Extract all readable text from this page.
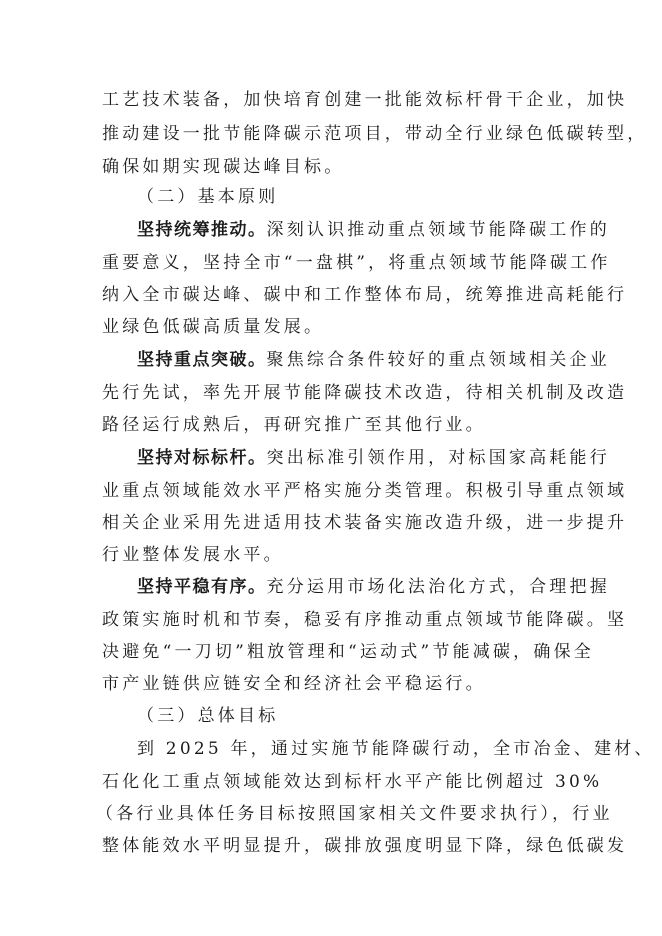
工艺技术装备，加快培育创建一批能效标杆骨干企业，加快
推动建设一批节能降碳示范项目，带动全行业绿色低碳转型，
确保如期实现碳达峰目标。
（二）基本原则
坚持统筹推动。深刻认识推动重点领域节能降碳工作的
重要意义，坚持全市“一盘棋”，将重点领域节能降碳工作
纳入全市碳达峰、碳中和工作整体布局，统筹推进高耗能行
业绿色低碳高质量发展。
坚持重点突破。聚焦综合条件较好的重点领域相关企业
先行先试，率先开展节能降碳技术改造，待相关机制及改造
路径运行成熟后，再研究推广至其他行业。
坚持对标标杆。突出标准引领作用，对标国家高耗能行
业重点领域能效水平严格实施分类管理。积极引导重点领域
相关企业采用先进适用技术装备实施改造升级，进一步提升
行业整体发展水平。
坚持平稳有序。充分运用市场化法治化方式，合理把握
政策实施时机和节奏，稳妥有序推动重点领域节能降碳。坚
决避免“一刀切”粗放管理和“运动式”节能减碳，确保全
市产业链供应链安全和经济社会平稳运行。
（三）总体目标
到 2025 年，通过实施节能降碳行动，全市冶金、建材、
石化化工重点领域能效达到标杆水平产能比例超过 30%
（各行业具体任务目标按照国家相关文件要求执行），行业
整体能效水平明显提升，碳排放强度明显下降，绿色低碳发
